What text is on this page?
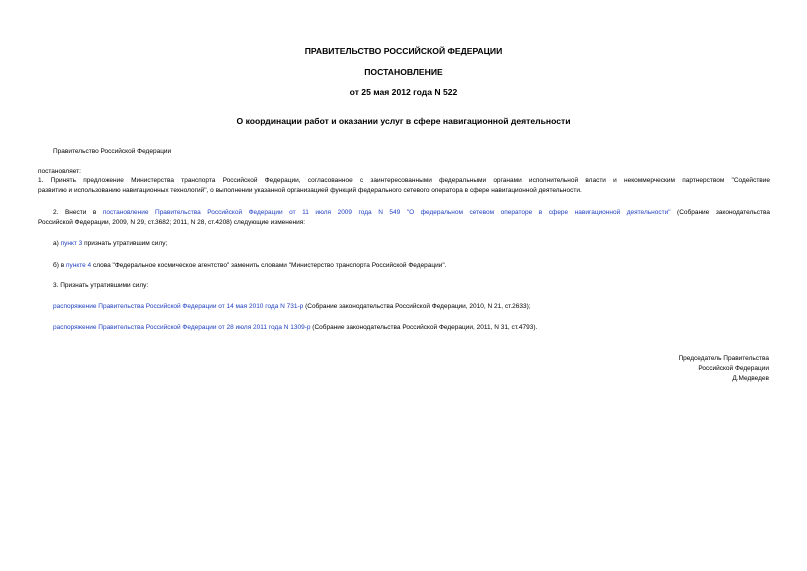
ПРАВИТЕЛЬСТВО РОССИЙСКОЙ ФЕДЕРАЦИИ
ПОСТАНОВЛЕНИЕ
от 25 мая 2012 года N 522
О координации работ и оказании услуг в сфере навигационной деятельности
Правительство Российской Федерации
постановляет:
1. Принять предложение Министерства транспорта Российской Федерации, согласованное с заинтересованными федеральными органами исполнительной власти и некоммерческим партнерством "Содействие
развитию и использованию навигационных технологий", о выполнении указанной организацией функций федерального сетевого оператора в сфере навигационной деятельности.
2. Внести в постановление Правительства Российской Федерации от 11 июля 2009 года N 549 "О федеральном сетевом операторе в сфере навигационной деятельности" (Собрание законодательства
Российской Федерации, 2009, N 29, ст.3682; 2011, N 28, ст.4208) следующие изменения:
а) пункт 3 признать утратившим силу;
б) в пункте 4 слова "Федеральное космическое агентство" заменить словами "Министерство транспорта Российской Федерации".
3. Признать утратившими силу:
распоряжение Правительства Российской Федерации от 14 мая 2010 года N 731-р (Собрание законодательства Российской Федерации, 2010, N 21, ст.2633);
распоряжение Правительства Российской Федерации от 28 июля 2011 года N 1309-р (Собрание законодательства Российской Федерации, 2011, N 31, ст.4793).
Председатель Правительства
Российской Федерации
Д.Медведев
